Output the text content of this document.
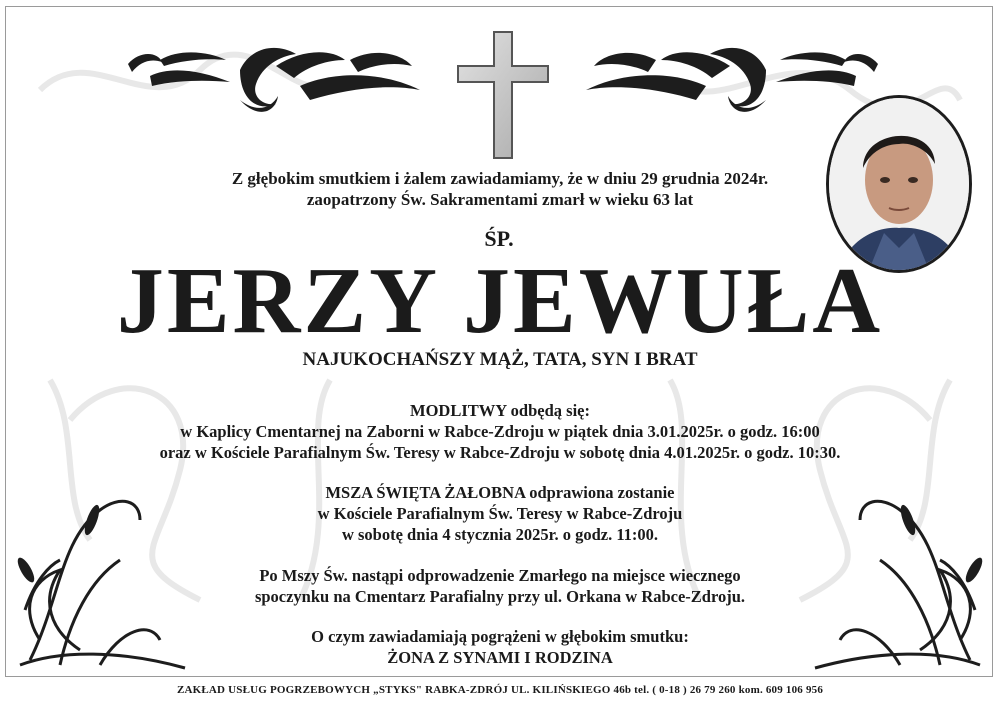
Z głębokim smutkiem i żalem zawiadamiamy, że w dniu 29 grudnia 2024r.
zaopatrzony Św. Sakramentami zmarł w wieku 63 lat
ŚP.
JERZY JEWUŁA
NAJUKOCHAŃSZY MĄŻ, TATA, SYN I BRAT
MODLITWY odbędą się:
w Kaplicy Cmentarnej na Zaborni w Rabce-Zdroju w piątek dnia 3.01.2025r. o godz. 16:00
oraz w Kościele Parafialnym Św. Teresy w Rabce-Zdroju w sobotę dnia 4.01.2025r. o godz. 10:30.
MSZA ŚWIĘTA ŻAŁOBNA odprawiona zostanie
w Kościele Parafialnym Św. Teresy w Rabce-Zdroju
w sobotę dnia 4 stycznia 2025r. o godz. 11:00.
Po Mszy Św. nastąpi odprowadzenie Zmarłego na miejsce wiecznego
spoczynku na Cmentarz Parafialny przy ul. Orkana w Rabce-Zdroju.
O czym zawiadamiają pogrążeni w głębokim smutku:
ŻONA Z SYNAMI I RODZINA
ZAKŁAD USŁUG POGRZEBOWYCH „STYKS" RABKA-ZDRÓJ UL. KILIŃSKIEGO 46b tel. ( 0-18 ) 26 79 260 kom. 609 106 956
